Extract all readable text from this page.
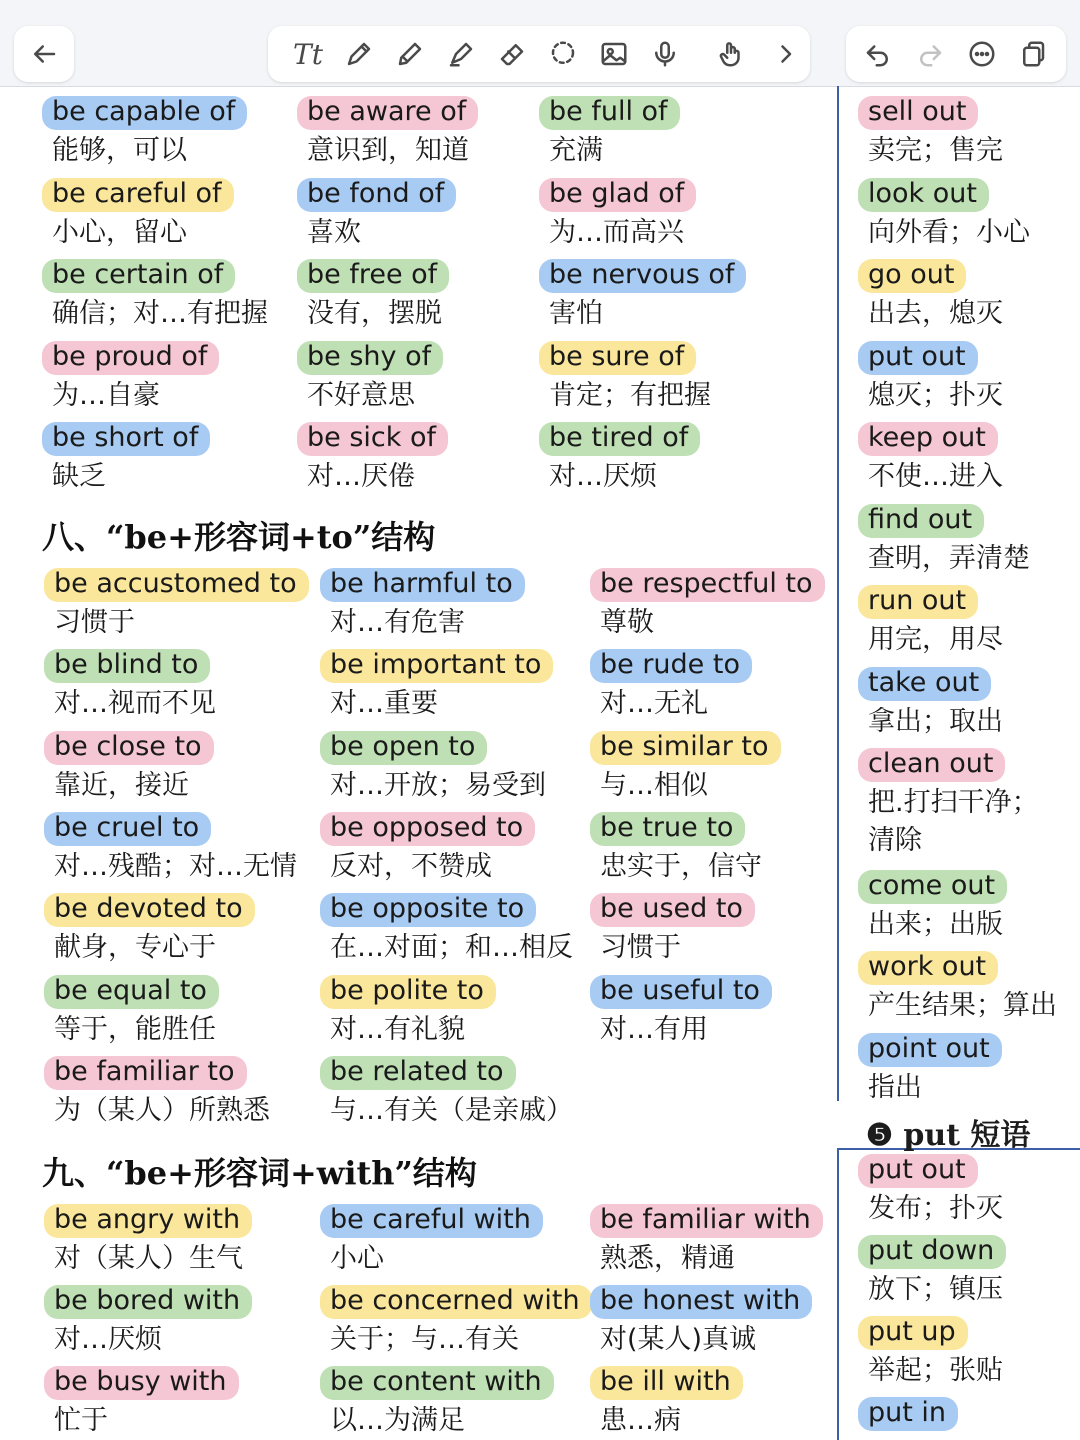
Tt
八、“be+形容词+to”结构
九、“be+形容词+with”结构
❺ put 短语
be capable of
能够，可以
be aware of
意识到，知道
be full of
充满
be careful of
小心，留心
be fond of
喜欢
be glad of
为…而高兴
be certain of
确信；对…有把握
be free of
没有，摆脱
be nervous of
害怕
be proud of
为…自豪
be shy of
不好意思
be sure of
肯定；有把握
be short of
缺乏
be sick of
对…厌倦
be tired of
对…厌烦
be accustomed to
习惯于
be harmful to
对…有危害
be respectful to
尊敬
be blind to
对…视而不见
be important to
对…重要
be rude to
对…无礼
be close to
靠近，接近
be open to
对…开放；易受到
be similar to
与…相似
be cruel to
对…残酷；对…无情
be opposed to
反对，不赞成
be true to
忠实于，信守
be devoted to
献身，专心于
be opposite to
在…对面；和…相反
be used to
习惯于
be equal to
等于，能胜任
be polite to
对…有礼貌
be useful to
对…有用
be familiar to
为（某人）所熟悉
be related to
与…有关（是亲戚）
be angry with
对（某人）生气
be careful with
小心
be familiar with
熟悉，精通
be bored with
对…厌烦
be concerned with
关于；与…有关
be honest with
对(某人)真诚
be busy with
忙于
be content with
以…为满足
be ill with
患…病
sell out
卖完；售完
look out
向外看；小心
go out
出去，熄灭
put out
熄灭；扑灭
keep out
不使…进入
find out
查明，弄清楚
run out
用完，用尽
take out
拿出；取出
clean out
把.打扫干净；
清除
come out
出来；出版
work out
产生结果；算出
point out
指出
put out
发布；扑灭
put down
放下；镇压
put up
举起；张贴
put in
